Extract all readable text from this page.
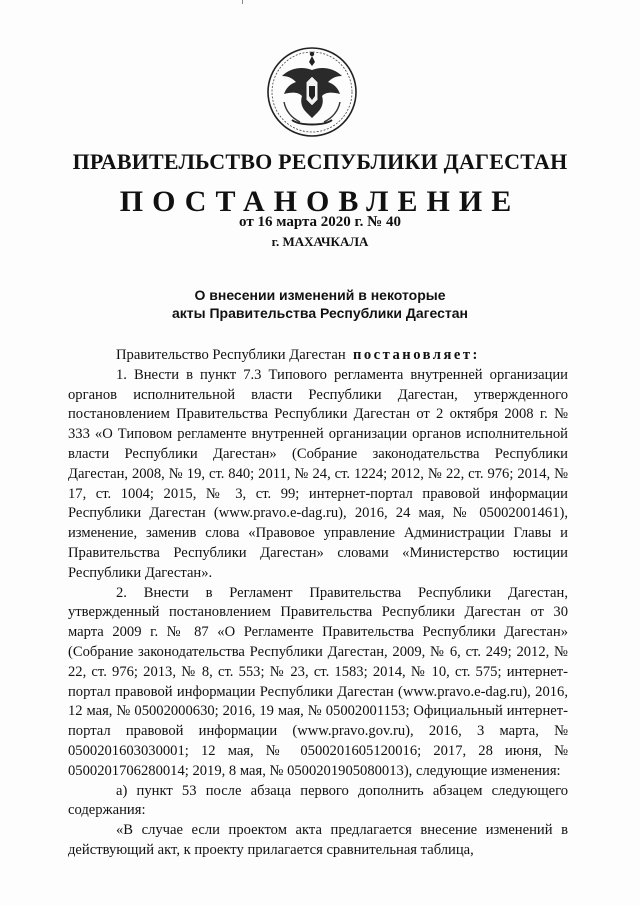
ПРАВИТЕЛЬСТВО РЕСПУБЛИКИ ДАГЕСТАН
ПОСТАНОВЛЕНИЕ
от 16 марта 2020 г. № 40
г. МАХАЧКАЛА
О внесении изменений в некоторые
акты Правительства Республики Дагестан

Правительство Республики Дагестан постановляет:

1. Внести в пункт 7.3 Типового регламента внутренней организации органов исполнительной власти Республики Дагестан, утвержденного постановлением Правительства Республики Дагестан от 2 октября 2008 г. № 333 «О Типовом регламенте внутренней организации органов исполнительной власти Республики Дагестан» (Собрание законодательства Республики Дагестан, 2008, № 19, ст. 840; 2011, № 24, ст. 1224; 2012, № 22, ст. 976; 2014, № 17, ст. 1004; 2015, № 3, ст. 99; интернет-портал правовой информации Республики Дагестан (www.pravo.e-dag.ru), 2016, 24 мая, № 05002001461), изменение, заменив слова «Правовое управление Администрации Главы и Правительства Республики Дагестан» словами «Министерство юстиции Республики Дагестан».

2. Внести в Регламент Правительства Республики Дагестан, утвержденный постановлением Правительства Республики Дагестан от 30 марта 2009 г. № 87 «О Регламенте Правительства Республики Дагестан» (Собрание законодательства Республики Дагестан, 2009, № 6, ст. 249; 2012, № 22, ст. 976; 2013, № 8, ст. 553; № 23, ст. 1583; 2014, № 10, ст. 575; интернет-портал правовой информации Республики Дагестан (www.pravo.e-dag.ru), 2016, 12 мая, № 05002000630; 2016, 19 мая, № 05002001153; Официальный интернет-портал правовой информации (www.pravo.gov.ru), 2016, 3 марта, № 0500201603030001; 12 мая, № 0500201605120016; 2017, 28 июня, № 0500201706280014; 2019, 8 мая, № 0500201905080013), следующие изменения:

а) пункт 53 после абзаца первого дополнить абзацем следующего содержания:

«В случае если проектом акта предлагается внесение изменений в действующий акт, к проекту прилагается сравнительная таблица,
